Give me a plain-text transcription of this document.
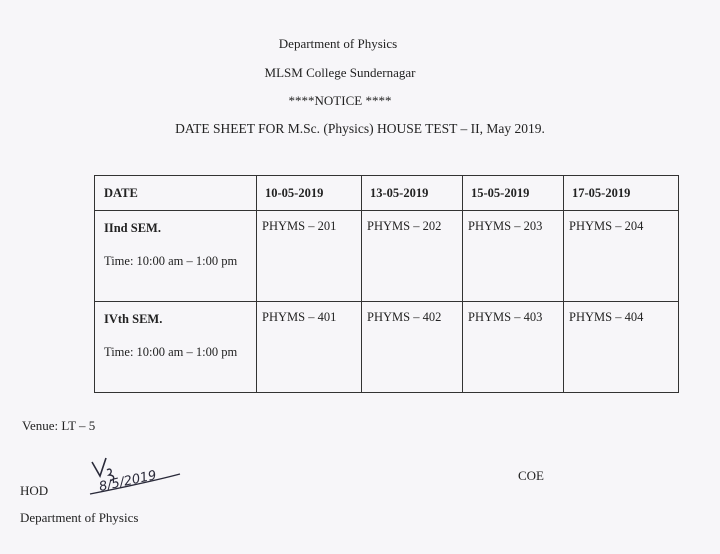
Department of Physics
MLSM College Sundernagar
****NOTICE ****
DATE SHEET FOR M.Sc. (Physics) HOUSE TEST – II, May 2019.
DATE	10-05-2019	13-05-2019	15-05-2019	17-05-2019

IInd SEM.
Time: 10:00 am – 1:00 pm	PHYMS – 201	PHYMS – 202	PHYMS – 203	PHYMS – 204

IVth SEM.
Time: 10:00 am – 1:00 pm	PHYMS – 401	PHYMS – 402	PHYMS – 403	PHYMS – 404
Venue: LT – 5
8/5/2019
HOD
Department of Physics
COE
